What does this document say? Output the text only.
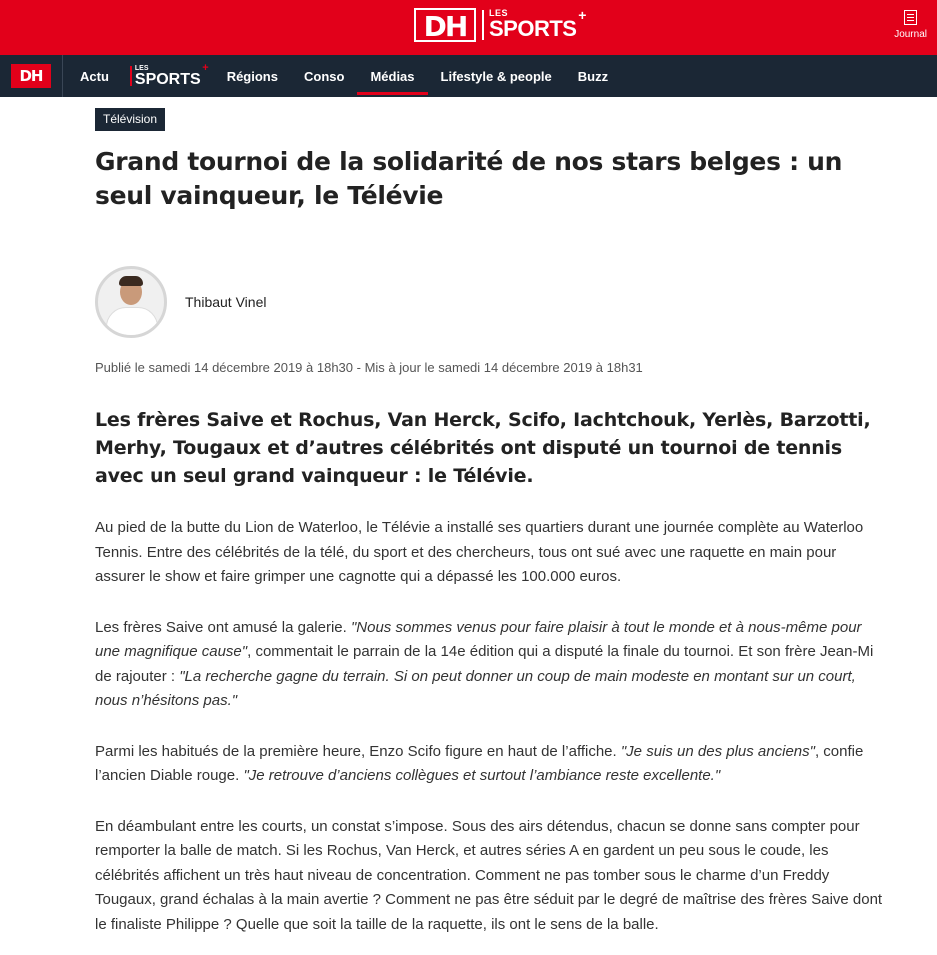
DH	LES
SPORTS
+
Journal
DH	Actu
LES
SPORTS
+
Régions	Conso	Médias	Lifestyle & people	Buzz
Télévision
Grand tournoi de la solidarité de nos stars belges : un seul vainqueur, le Télévie
Thibaut Vinel
Publié le samedi 14 décembre 2019 à 18h30 - Mis à jour le samedi 14 décembre 2019 à 18h31
Les frères Saive et Rochus, Van Herck, Scifo, Iachtchouk, Yerlès, Barzotti, Merhy, Tougaux et d’autres célébrités ont disputé un tournoi de tennis avec un seul grand vainqueur : le Télévie.

Au pied de la butte du Lion de Waterloo, le Télévie a installé ses quartiers durant une journée complète au Waterloo Tennis. Entre des célébrités de la télé, du sport et des chercheurs, tous ont sué avec une raquette en main pour assurer le show et faire grimper une cagnotte qui a dépassé les 100.000 euros.

Les frères Saive ont amusé la galerie. "Nous sommes venus pour faire plaisir à tout le monde et à nous-même pour une magnifique cause", commentait le parrain de la 14e édition qui a disputé la finale du tournoi. Et son frère Jean-Mi de rajouter : "La recherche gagne du terrain. Si on peut donner un coup de main modeste en montant sur un court, nous n’hésitons pas."

Parmi les habitués de la première heure, Enzo Scifo figure en haut de l’affiche. "Je suis un des plus anciens", confie l’ancien Diable rouge. "Je retrouve d’anciens collègues et surtout l’ambiance reste excellente."

En déambulant entre les courts, un constat s’impose. Sous des airs détendus, chacun se donne sans compter pour remporter la balle de match. Si les Rochus, Van Herck, et autres séries A en gardent un peu sous le coude, les célébrités affichent un très haut niveau de concentration. Comment ne pas tomber sous le charme d’un Freddy Tougaux, grand échalas à la main avertie ? Comment ne pas être séduit par le degré de maîtrise des frères Saive dont le finaliste Philippe ? Quelle que soit la taille de la raquette, ils ont le sens de la balle.
